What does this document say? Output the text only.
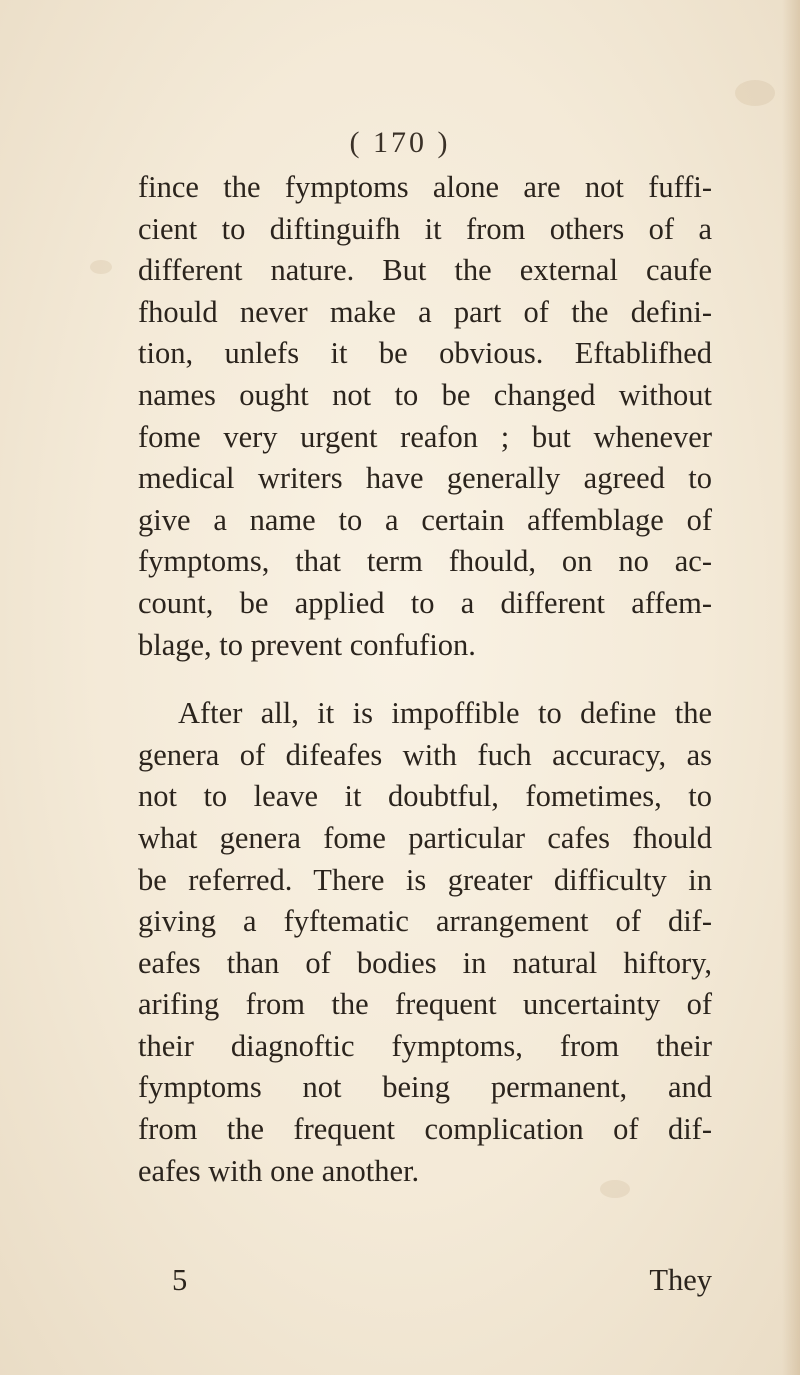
( 170 )
fince the fymptoms alone are not fuffi-
cient to diftinguifh it from others of a
different nature. But the external caufe
fhould never make a part of the defini-
tion, unlefs it be obvious. Eftablifhed
names ought not to be changed without
fome very urgent reafon ; but whenever
medical writers have generally agreed to
give a name to a certain affemblage of
fymptoms, that term fhould, on no ac-
count, be applied to a different affem-
blage, to prevent confufion.
After all, it is impoffible to define the
genera of difeafes with fuch accuracy, as
not to leave it doubtful, fometimes, to
what genera fome particular cafes fhould
be referred. There is greater difficulty in
giving a fyftematic arrangement of dif-
eafes than of bodies in natural hiftory,
arifing from the frequent uncertainty of
their diagnoftic fymptoms, from their
fymptoms not being permanent, and
from the frequent complication of dif-
eafes with one another.
5	They
